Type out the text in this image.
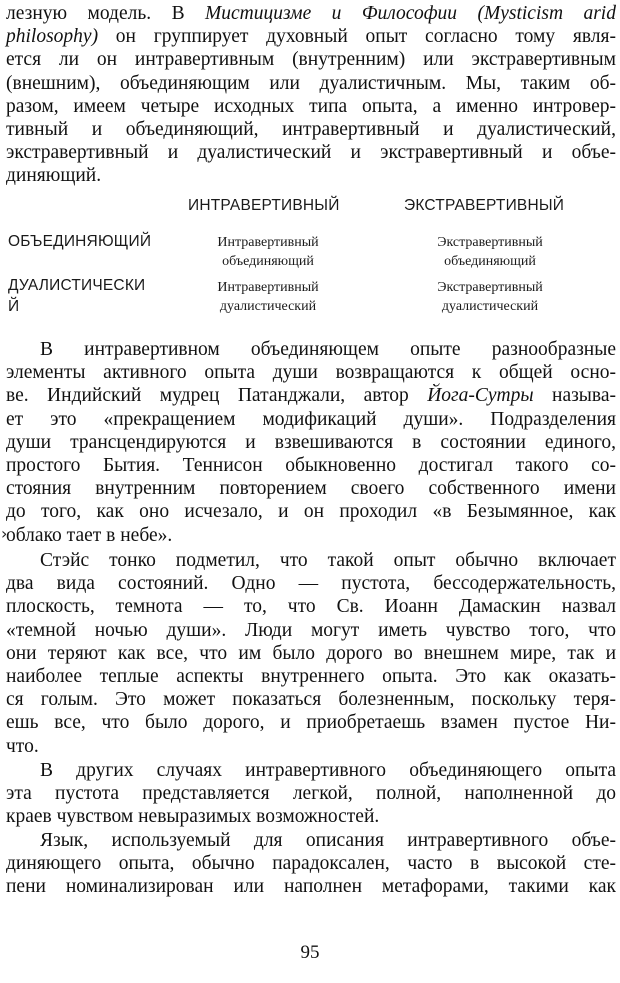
лезную модель. В Мистицизме и Философии (Mysticism arid
philosophy) он группирует духовный опыт согласно тому явля-
ется ли он интравертивным (внутренним) или экстравертивным
(внешним), объединяющим или дуалистичным. Мы, таким об-
разом, имеем четыре исходных типа опыта, а именно интровер-
тивный и объединяющий, интравертивный и дуалистический,
экстравертивный и дуалистический и экстравертивный и объе-
диняющий.
ИНТРАВЕРТИВНЫЙ	ЭКСТРАВЕРТИВНЫЙ
ОБЪЕДИНЯЮЩИЙ	Интравертивный
объединяющий
Экстравертивный
объединяющий
ДУАЛИСТИЧЕСКИ
Й
Интравертивный
дуалистический
Экстравертивный
дуалистический
В интравертивном объединяющем опыте разнообразные
элементы активного опыта души возвращаются к общей осно-
ве. Индийский мудрец Патанджали, автор Йога-Сутры называ-
ет это «прекращением модификаций души». Подразделения
души трансцендируются и взвешиваются в состоянии единого,
простого Бытия. Теннисон обыкновенно достигал такого со-
стояния внутренним повторением своего собственного имени
до того, как оно исчезало, и он проходил «в Безымянное, как
облако тает в небе».
›
Стэйс тонко подметил, что такой опыт обычно включает
два вида состояний. Одно — пустота, бессодержательность,
плоскость, темнота — то, что Св. Иоанн Дамаскин назвал
«темной ночью души». Люди могут иметь чувство того, что
они теряют как все, что им было дорого во внешнем мире, так и
наиболее теплые аспекты внутреннего опыта. Это как оказать-
ся голым. Это может показаться болезненным, поскольку теря-
ешь все, что было дорого, и приобретаешь взамен пустое Ни-
что.
В других случаях интравертивного объединяющего опыта
эта пустота представляется легкой, полной, наполненной до
краев чувством невыразимых возможностей.
Язык, используемый для описания интравертивного объе-
диняющего опыта, обычно парадоксален, часто в высокой сте-
пени номинализирован или наполнен метафорами, такими как
95
